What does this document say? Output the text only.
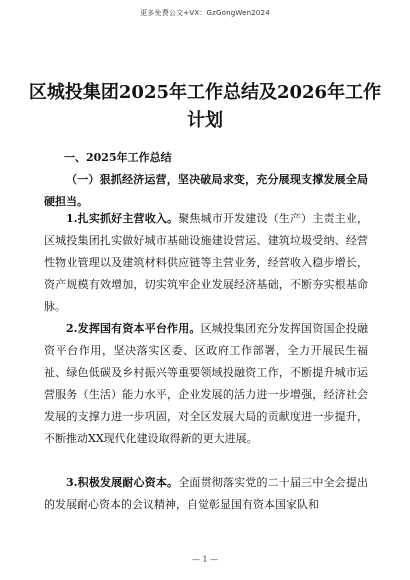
更多免费公文+VX：GzGongWen2024
区城投集团2025年工作总结及2026年工作计划
一、2025年工作总结
（一）狠抓经济运营，坚决破局求变，充分展现支撑发展全局硬担当。
1.扎实抓好主营收入。聚焦城市开发建设（生产）主责主业，区城投集团扎实做好城市基础设施建设营运、建筑垃圾受纳、经营性物业管理以及建筑材料供应链等主营业务，经营收入稳步增长，资产规模有效增加，切实筑牢企业发展经济基础，不断夯实根基命脉。
2.发挥国有资本平台作用。区城投集团充分发挥国资国企投融资平台作用，坚决落实区委、区政府工作部署，全力开展民生福祉、绿色低碳及乡村振兴等重要领域投融资工作，不断提升城市运营服务（生活）能力水平，企业发展的活力进一步增强，经济社会发展的支撑力进一步巩固，对全区发展大局的贡献度进一步提升，不断推动XX现代化建设取得新的更大进展。
3.积极发展耐心资本。全面贯彻落实党的二十届三中全会提出的发展耐心资本的会议精神，自觉彰显国有资本国家队和
— 1 —
